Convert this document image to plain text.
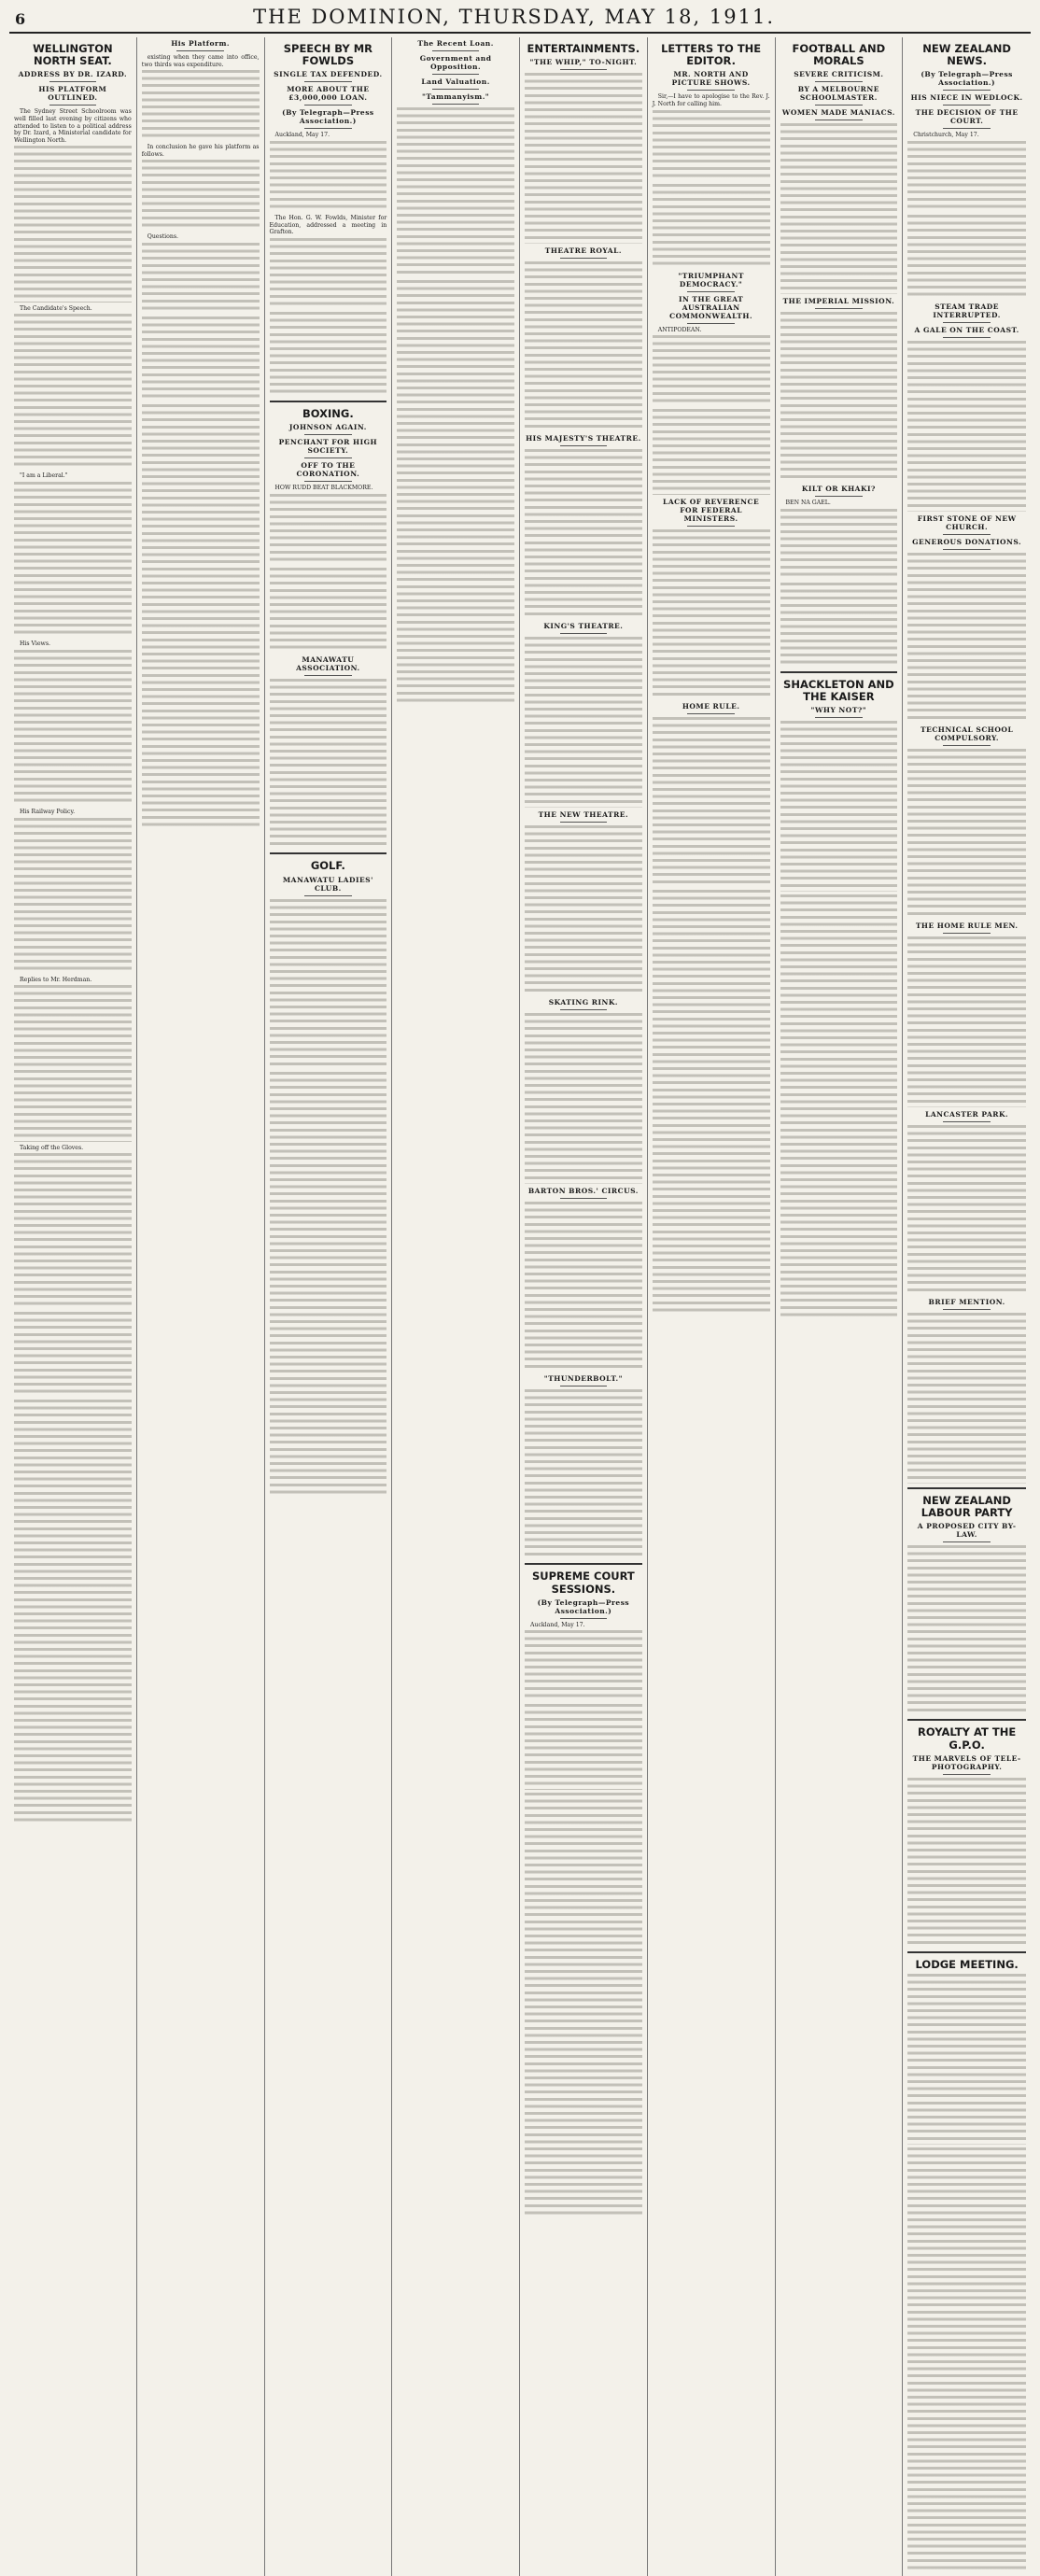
6	THE DOMINION, THURSDAY, MAY 18, 1911.
WELLINGTON NORTH SEAT.
ADDRESS BY DR. IZARD.
HIS PLATFORM OUTLINED.
The Sydney Street Schoolroom was well filled last evening by citizens who attended to listen to a political address by Dr. Izard, a Ministerial candidate for Wellington North.
The Candidate's Speech.
"I am a Liberal."
His Views.
His Railway Policy.
Replies to Mr. Herdman.
Taking off the Gloves.
His Platform.
existing when they came into office, two thirds was expenditure.
In conclusion he gave his platform as follows.
Questions.
SPEECH BY MR FOWLDS
SINGLE TAX DEFENDED.
MORE ABOUT THE £3,000,000 LOAN.
(By Telegraph—Press Association.)
Auckland, May 17.
The Hon. G. W. Fowlds, Minister for Education, addressed a meeting in Grafton.
BOXING.
JOHNSON AGAIN.
PENCHANT FOR HIGH SOCIETY.
OFF TO THE CORONATION.
HOW RUDD BEAT BLACKMORE.
MANAWATU ASSOCIATION.
GOLF.
MANAWATU LADIES' CLUB.
The Recent Loan.
Government and Opposition.
Land Valuation.
"Tammanyism."
ENTERTAINMENTS.
"THE WHIP," TO-NIGHT.
THEATRE ROYAL.
HIS MAJESTY'S THEATRE.
KING'S THEATRE.
THE NEW THEATRE.
SKATING RINK.
BARTON BROS.' CIRCUS.
"THUNDERBOLT."
SUPREME COURT SESSIONS.
(By Telegraph—Press Association.)
Auckland, May 17.
LETTERS TO THE EDITOR.
MR. NORTH AND PICTURE SHOWS.
Sir,—I have to apologise to the Rev. J. J. North for calling him.
"TRIUMPHANT DEMOCRACY."
IN THE GREAT AUSTRALIAN COMMONWEALTH.
ANTIPODEAN.
LACK OF REVERENCE FOR FEDERAL MINISTERS.
HOME RULE.
FOOTBALL AND MORALS
SEVERE CRITICISM.
BY A MELBOURNE SCHOOLMASTER.
WOMEN MADE MANIACS.
THE IMPERIAL MISSION.
KILT OR KHAKI?
BEN NA GAEL.
SHACKLETON AND THE KAISER
"WHY NOT?"
NEW ZEALAND NEWS.
(By Telegraph—Press Association.)
HIS NIECE IN WEDLOCK.
THE DECISION OF THE COURT.
Christchurch, May 17.
STEAM TRADE INTERRUPTED.
A GALE ON THE COAST.
FIRST STONE OF NEW CHURCH.
GENEROUS DONATIONS.
TECHNICAL SCHOOL COMPULSORY.
THE HOME RULE MEN.
LANCASTER PARK.
BRIEF MENTION.
NEW ZEALAND LABOUR PARTY
A PROPOSED CITY BY-LAW.
ROYALTY AT THE G.P.O.
THE MARVELS OF TELE-PHOTOGRAPHY.
LODGE MEETING.
